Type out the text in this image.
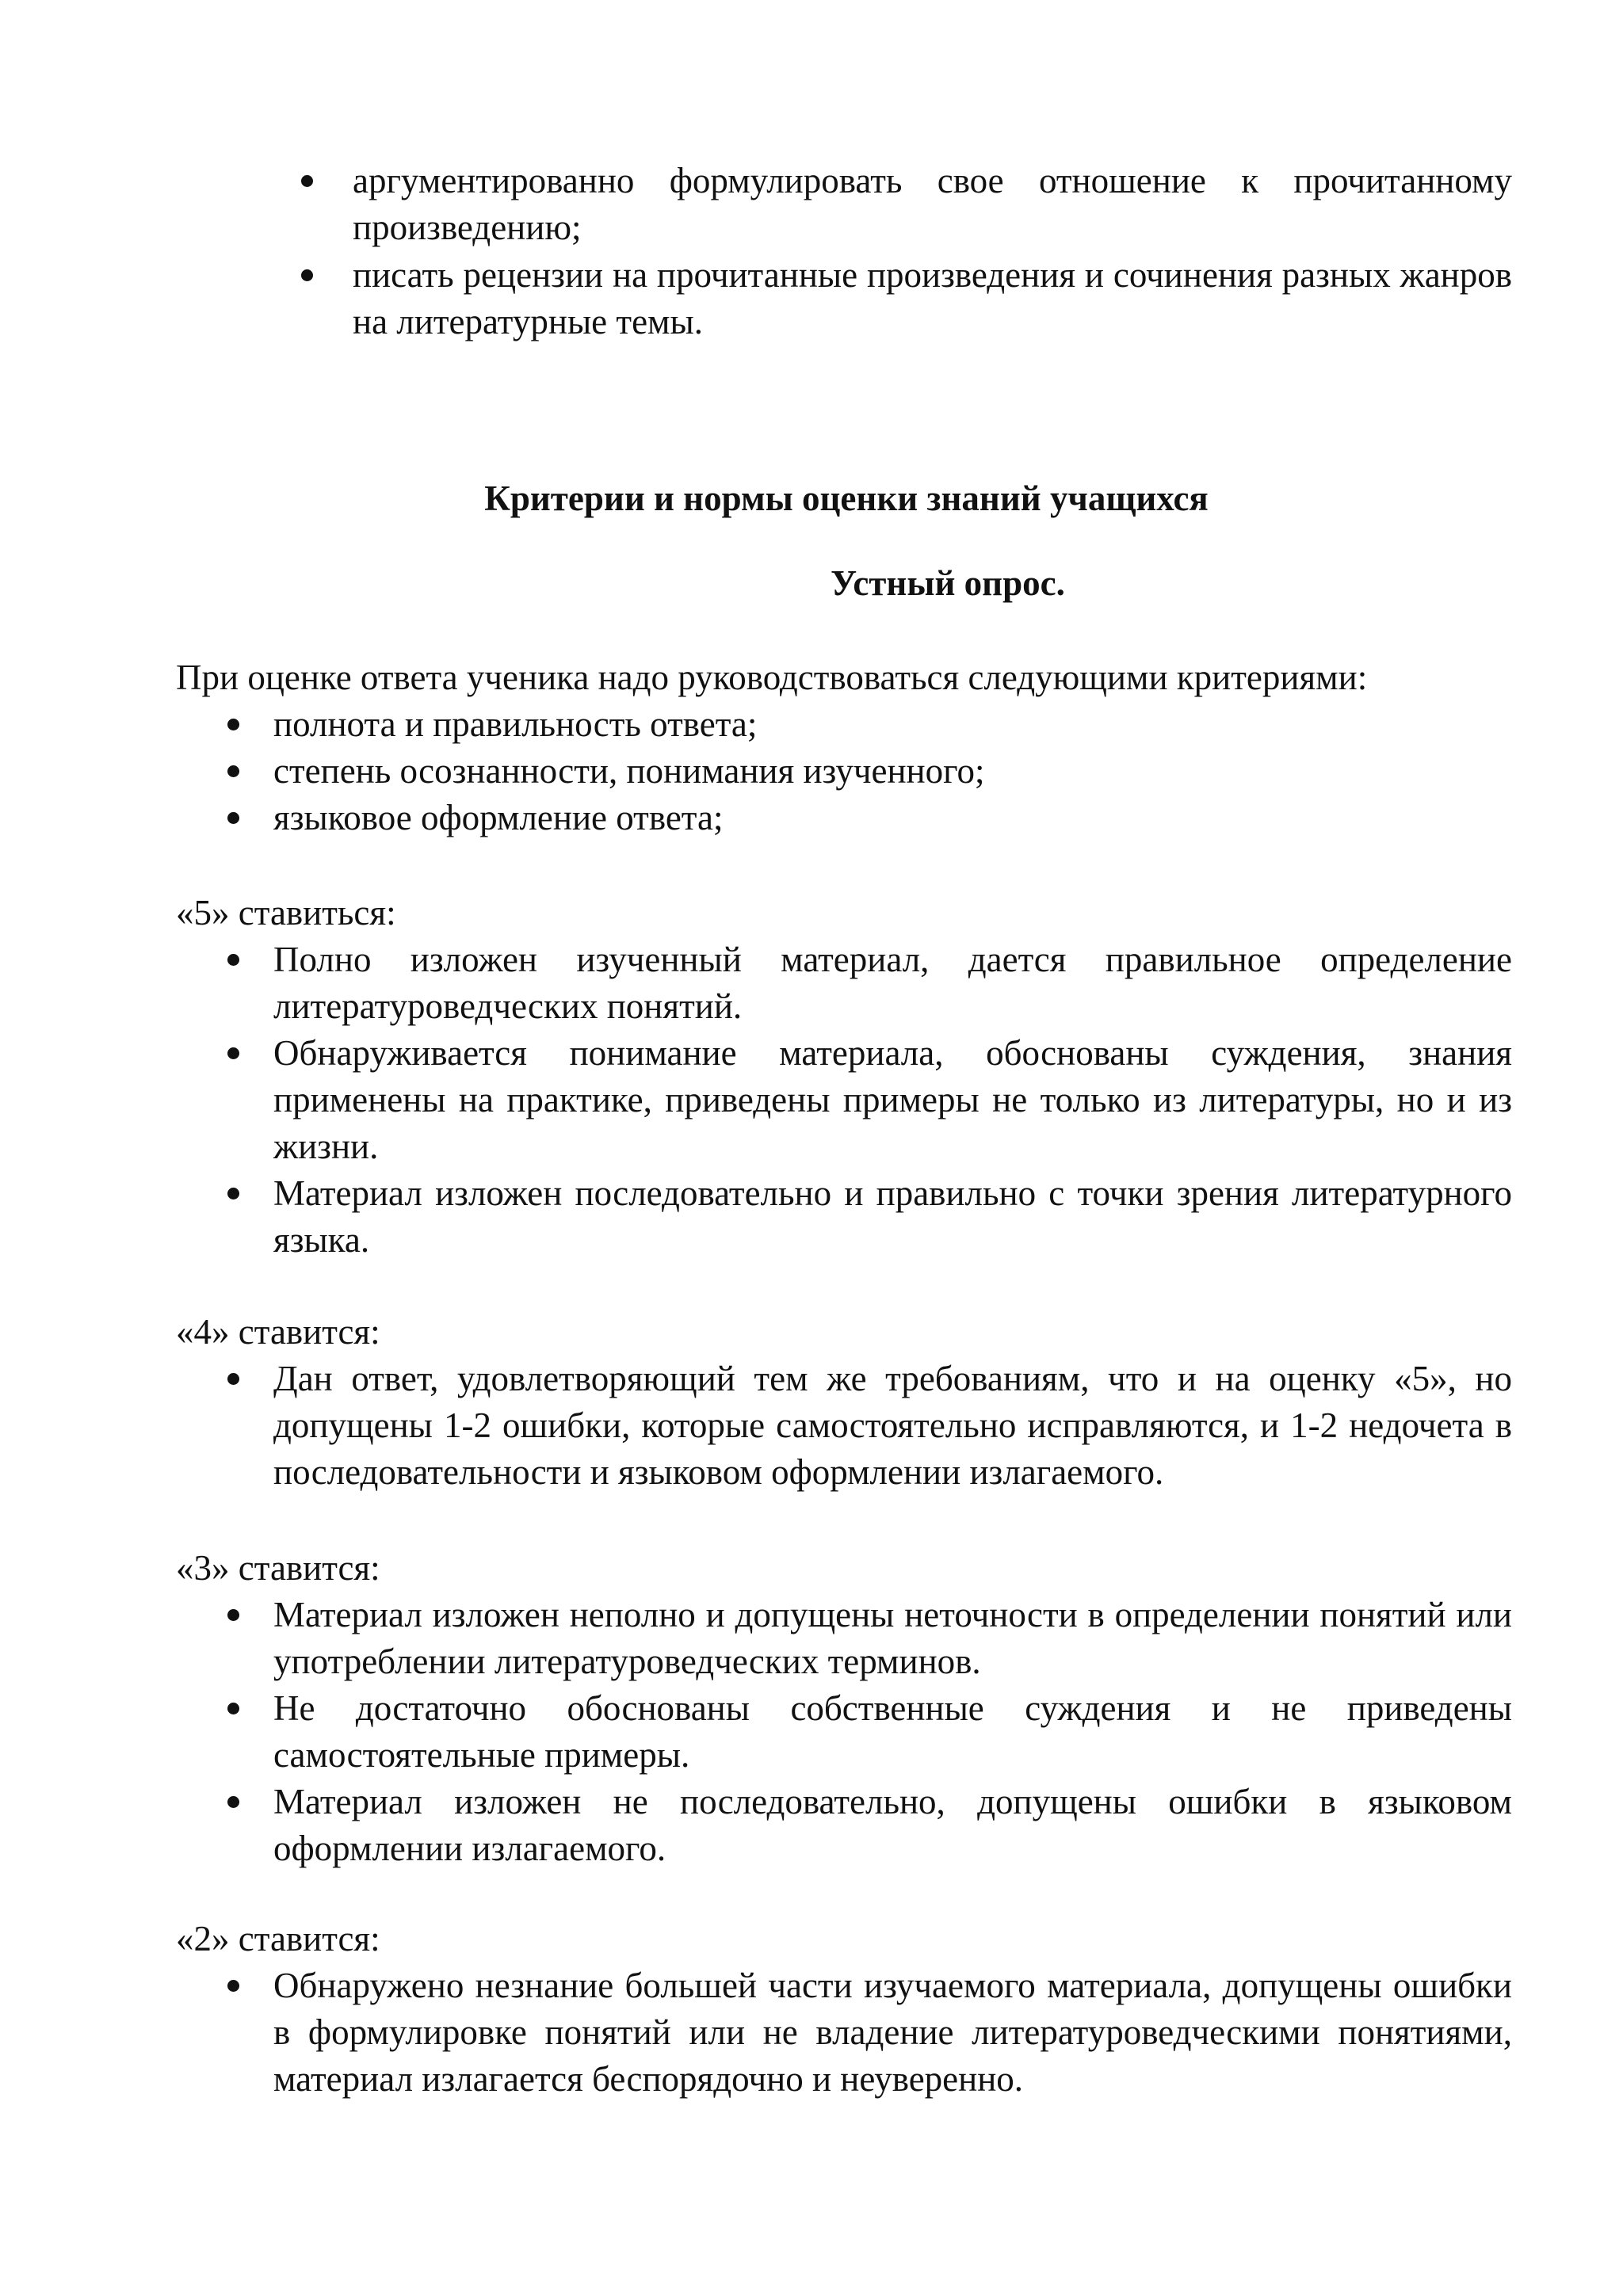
аргументированно формулировать свое отношение к прочитанному произведению;
писать рецензии на прочитанные произведения и сочинения разных жанров на литературные темы.
Критерии и нормы оценки знаний учащихся
Устный опрос.

При оценке ответа ученика надо руководствоваться следующими критериями:

полнота и правильность ответа;
степень осознанности, понимания изученного;
языковое оформление ответа;

«5» ставиться:

Полно изложен изученный материал, дается правильное определение литературоведческих понятий.
Обнаруживается понимание материала, обоснованы суждения, знания применены на практике, приведены примеры не только из литературы, но и из жизни.
Материал изложен последовательно и правильно с точки зрения литературного языка.

«4» ставится:

Дан ответ, удовлетворяющий тем же требованиям, что и на оценку «5», но допущены 1-2 ошибки, которые самостоятельно исправляются, и 1-2 недочета в последовательности и языковом оформлении излагаемого.

«3» ставится:

Материал изложен неполно и допущены неточности в определении понятий или употреблении литературоведческих терминов.
Не достаточно обоснованы собственные суждения и не приведены самостоятельные примеры.
Материал изложен не последовательно, допущены ошибки в языковом оформлении излагаемого.

«2» ставится:

Обнаружено незнание большей части изучаемого материала, допущены ошибки в формулировке понятий или не владение литературоведческими понятиями, материал излагается беспорядочно и неуверенно.
